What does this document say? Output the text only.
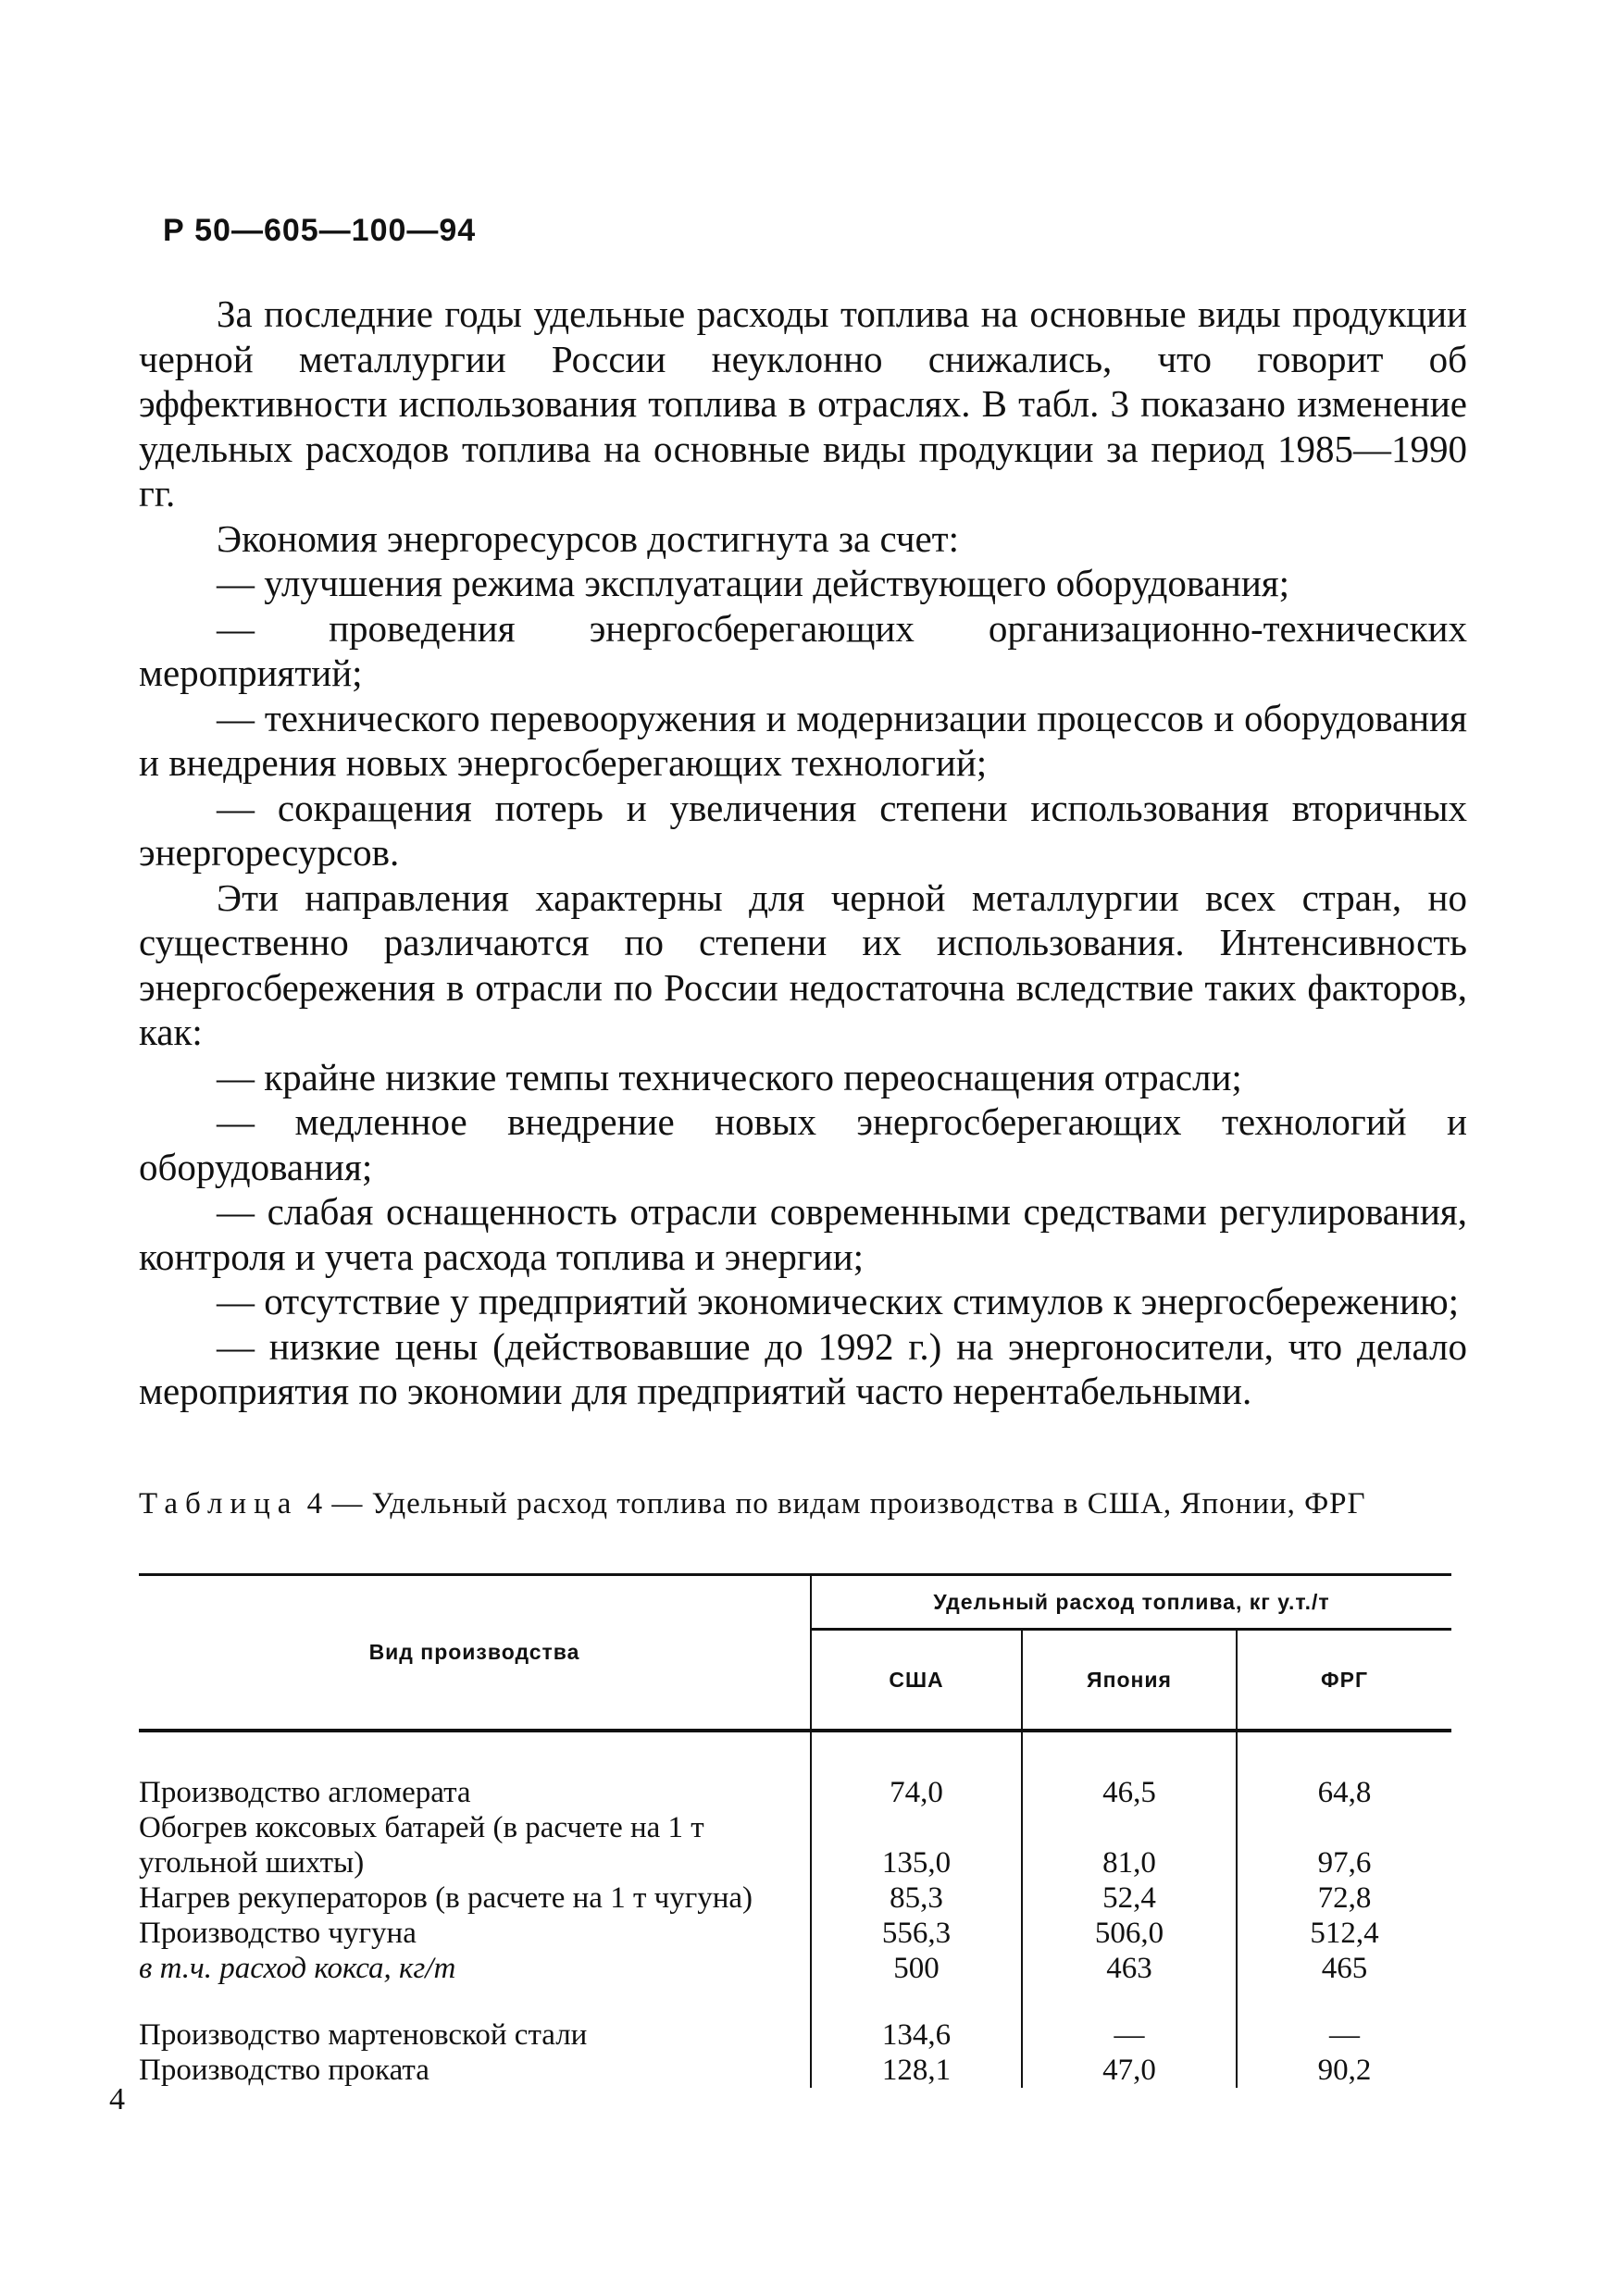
Р 50—605—100—94

За последние годы удельные расходы топлива на основные виды продукции черной металлургии России неуклонно снижались, что говорит об эффективности использования топлива в отраслях. В табл. 3 показано изменение удельных расходов топлива на основные виды продукции за период 1985—1990 гг.

Экономия энергоресурсов достигнута за счет:

— улучшения режима эксплуатации действующего оборудования;

— проведения энергосберегающих организационно-технических мероприятий;

— технического перевооружения и модернизации процессов и оборудования и внедрения новых энергосберегающих технологий;

— сокращения потерь и увеличения степени использования вторичных энергоресурсов.

Эти направления характерны для черной металлургии всех стран, но существенно различаются по степени их использования. Интенсивность энергосбережения в отрасли по России недостаточна вследствие таких факторов, как:

— крайне низкие темпы технического переоснащения отрасли;

— медленное внедрение новых энергосберегающих технологий и оборудования;

— слабая оснащенность отрасли современными средствами регулирования, контроля и учета расхода топлива и энергии;

— отсутствие у предприятий экономических стимулов к энергосбережению;

— низкие цены (действовавшие до 1992 г.) на энергоносители, что делало мероприятия по экономии для предприятий часто нерентабельными.

Таблица 4 — Удельный расход топлива по видам производства в США, Японии, ФРГ
Вид производства	Удельный расход топлива, кг у.т./т		
	США	Япония	ФРГ
Производство агломерата	74,0	46,5	64,8
Обогрев коксовых батарей (в расчете на 1 т угольной шихты)	135,0	81,0	97,6
Нагрев рекуператоров (в расчете на 1 т чугуна)	85,3	52,4	72,8
Производство чугуна	556,3	506,0	512,4
в т.ч. расход кокса, кг/т	500	463	465
Производство мартеновской стали	134,6	—	—
Производство проката	128,1	47,0	90,2
4
